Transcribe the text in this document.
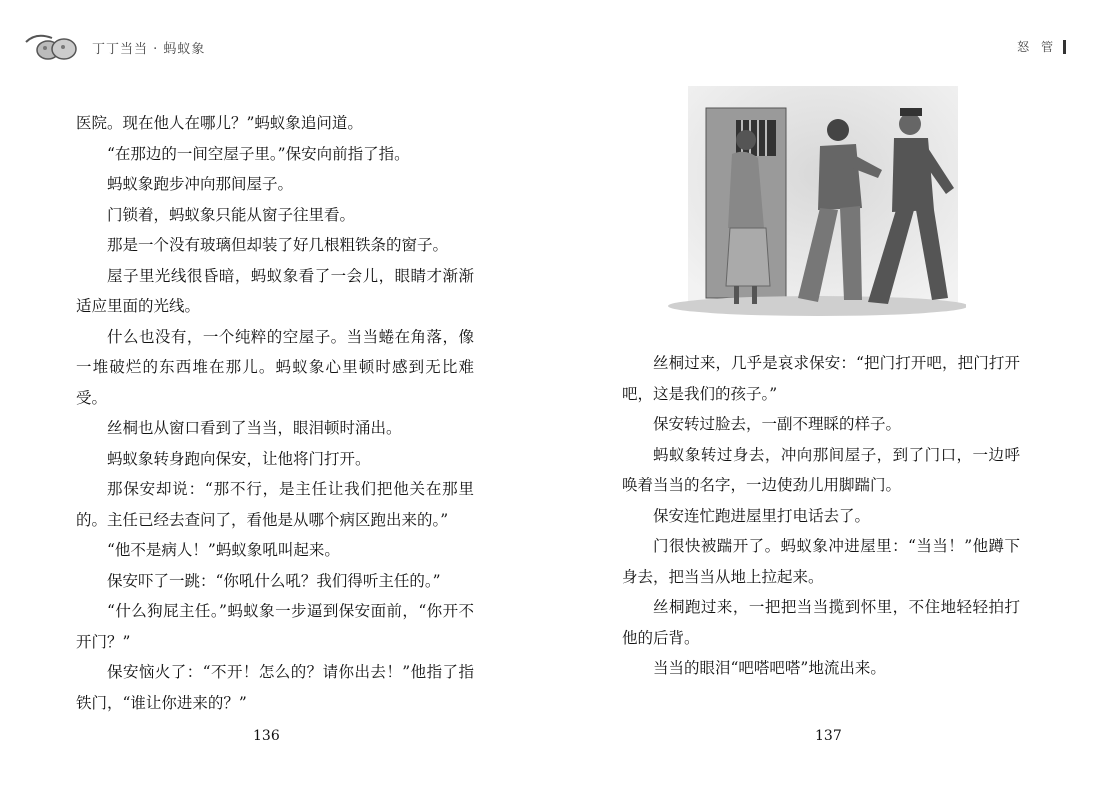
丁丁当当 · 蚂蚁象	怒 管

医院。现在他人在哪儿？”蚂蚁象追问道。

“在那边的一间空屋子里。”保安向前指了指。

蚂蚁象跑步冲向那间屋子。

门锁着，蚂蚁象只能从窗子往里看。

那是一个没有玻璃但却装了好几根粗铁条的窗子。

屋子里光线很昏暗，蚂蚁象看了一会儿，眼睛才渐渐适应里面的光线。

什么也没有，一个纯粹的空屋子。当当蜷在角落，像一堆破烂的东西堆在那儿。蚂蚁象心里顿时感到无比难受。

丝桐也从窗口看到了当当，眼泪顿时涌出。

蚂蚁象转身跑向保安，让他将门打开。

那保安却说：“那不行，是主任让我们把他关在那里的。主任已经去查问了，看他是从哪个病区跑出来的。”

“他不是病人！”蚂蚁象吼叫起来。

保安吓了一跳：“你吼什么吼？我们得听主任的。”

“什么狗屁主任。”蚂蚁象一步逼到保安面前，“你开不开门？”

保安恼火了：“不开！怎么的？请你出去！”他指了指铁门，“谁让你进来的？”

丝桐过来，几乎是哀求保安：“把门打开吧，把门打开吧，这是我们的孩子。”

保安转过脸去，一副不理睬的样子。

蚂蚁象转过身去，冲向那间屋子，到了门口，一边呼唤着当当的名字，一边使劲儿用脚踹门。

保安连忙跑进屋里打电话去了。

门很快被踹开了。蚂蚁象冲进屋里：“当当！”他蹲下身去，把当当从地上拉起来。

丝桐跑过来，一把把当当揽到怀里，不住地轻轻拍打他的后背。

当当的眼泪“吧嗒吧嗒”地流出来。

136	137
